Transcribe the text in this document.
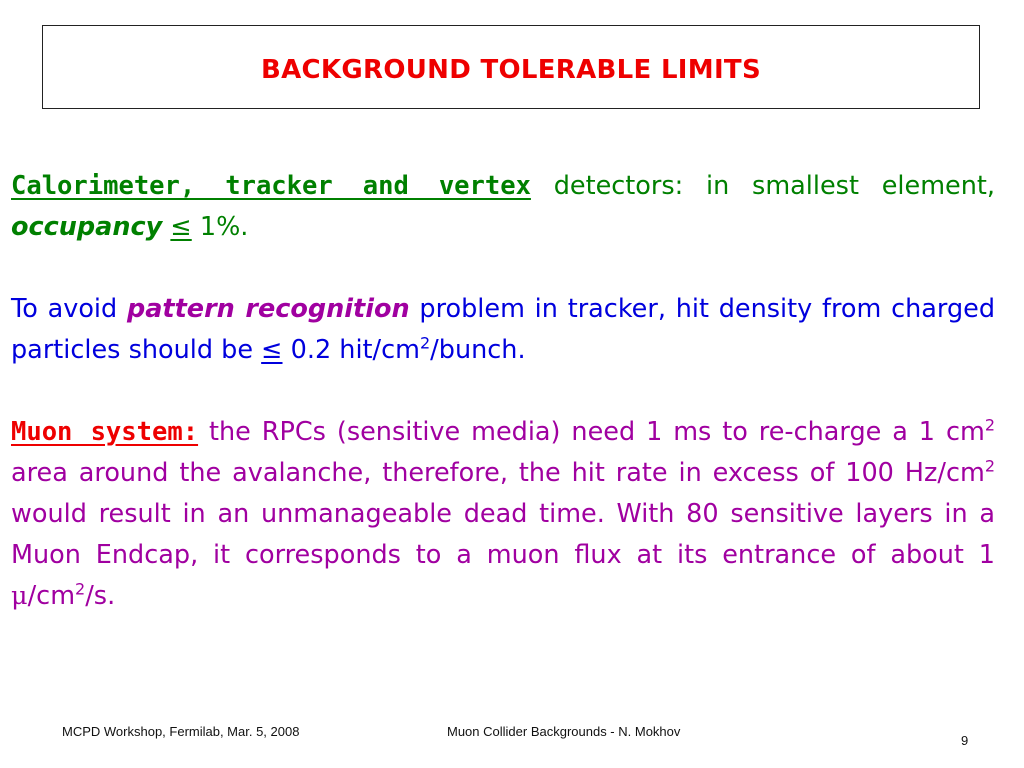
BACKGROUND TOLERABLE LIMITS

Calorimeter, tracker and vertex detectors: in smallest element, occupancy ≤ 1%.

To avoid pattern recognition problem in tracker, hit density from charged particles should be ≤ 0.2 hit/$cm^2$/bunch.

Muon system: the RPCs (sensitive media) need 1 ms to re-charge a 1 $cm^2$ area around the avalanche, therefore, the hit rate in excess of 100 $Hz/cm^2$ would result in an unmanageable dead time. With 80 sensitive layers in a Muon Endcap, it corresponds to a muon flux at its entrance of about 1 $\mu/cm^2/s$.

MCPD Workshop, Fermilab, Mar. 5, 2008	Muon Collider Backgrounds - N. Mokhov
9
